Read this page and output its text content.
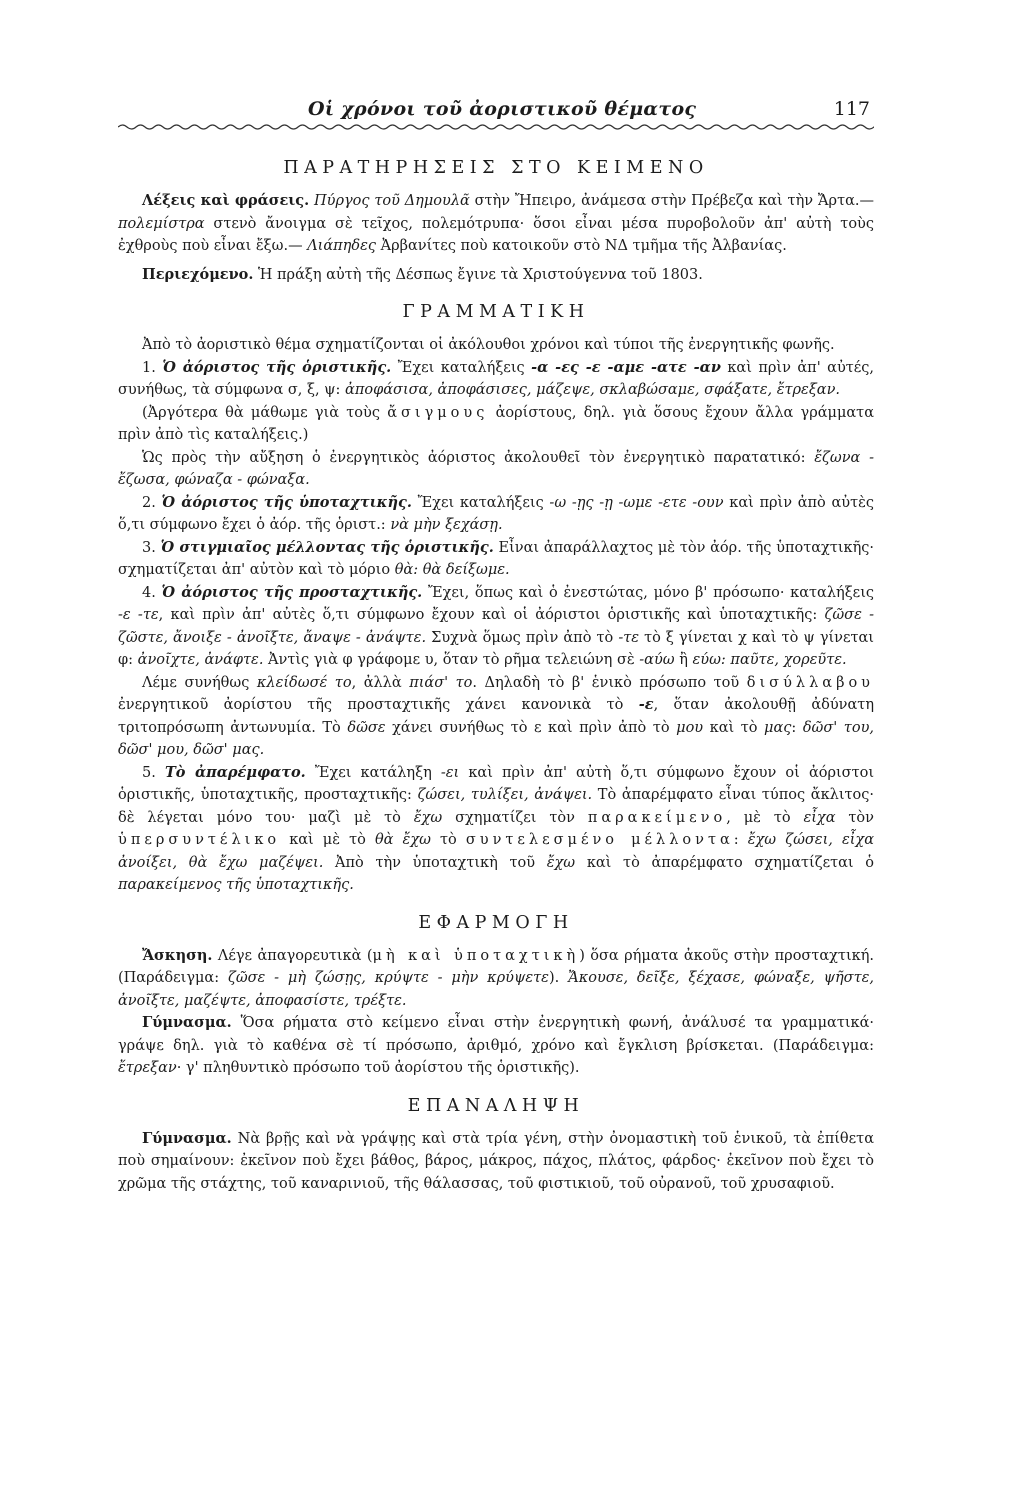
Οἱ χρόνοι τοῦ ἀοριστικοῦ θέματος	117
ΠΑΡΑΤΗΡΗΣΕΙΣ ΣΤΟ ΚΕΙΜΕΝΟ

Λέξεις καὶ φράσεις. Πύργος τοῦ Δημουλᾶ στὴν Ἤπειρο, ἀνάμεσα στὴν Πρέβεζα καὶ τὴν Ἄρτα.—πολεμίστρα στενὸ ἄνοιγμα σὲ τεῖχος, πολεμότρυπα· ὅσοι εἶναι μέσα πυροβολοῦν ἀπ' αὐτὴ τοὺς ἐχθροὺς ποὺ εἶναι ἔξω.— Λιάπηδες Ἀρβανίτες ποὺ κατοικοῦν στὸ ΝΔ τμῆμα τῆς Ἀλβανίας.

Περιεχόμενο. Ἡ πράξη αὐτὴ τῆς Δέσπως ἔγινε τὰ Χριστούγεννα τοῦ 1803.

ΓΡΑΜΜΑΤΙΚΗ

Ἀπὸ τὸ ἀοριστικὸ θέμα σχηματίζονται οἱ ἀκόλουθοι χρόνοι καὶ τύποι τῆς ἐνεργητικῆς φωνῆς.

1. Ὁ ἀόριστος τῆς ὁριστικῆς. Ἔχει καταλήξεις -α -ες -ε -αμε -ατε -αν καὶ πρὶν ἀπ' αὐτές, συνήθως, τὰ σύμφωνα σ, ξ, ψ: ἀποφάσισα, ἀποφάσισες, μάζεψε, σκλαβώσαμε, σφάξατε, ἔτρεξαν.

(Ἀργότερα θὰ μάθωμε γιὰ τοὺς ἄσιγμους ἀορίστους, δηλ. γιὰ ὅσους ἔχουν ἄλλα γράμματα πρὶν ἀπὸ τὶς καταλήξεις.)

Ὡς πρὸς τὴν αὔξηση ὁ ἐνεργητικὸς ἀόριστος ἀκολουθεῖ τὸν ἐνεργητικὸ παρατατικό: ἔζωνα - ἔζωσα, φώναζα - φώναξα.

2. Ὁ ἀόριστος τῆς ὑποταχτικῆς. Ἔχει καταλήξεις -ω -ῃς -ῃ -ωμε -ετε -ουν καὶ πρὶν ἀπὸ αὐτὲς ὅ,τι σύμφωνο ἔχει ὁ ἀόρ. τῆς ὁριστ.: νὰ μὴν ξεχάσῃ.

3. Ὁ στιγμιαῖος μέλλοντας τῆς ὁριστικῆς. Εἶναι ἀπαράλλαχτος μὲ τὸν ἀόρ. τῆς ὑποταχτικῆς· σχηματίζεται ἀπ' αὐτὸν καὶ τὸ μόριο θὰ: θὰ δείξωμε.

4. Ὁ ἀόριστος τῆς προσταχτικῆς. Ἔχει, ὅπως καὶ ὁ ἐνεστώτας, μόνο β' πρόσωπο· καταλήξεις -ε -τε, καὶ πρὶν ἀπ' αὐτὲς ὅ,τι σύμφωνο ἔχουν καὶ οἱ ἀόριστοι ὁριστικῆς καὶ ὑποταχτικῆς: ζῶσε - ζῶστε, ἄνοιξε - ἀνοῖξτε, ἄναψε - ἀνάψτε. Συχνὰ ὅμως πρὶν ἀπὸ τὸ -τε τὸ ξ γίνεται χ καὶ τὸ ψ γίνεται φ: ἀνοῖχτε, ἀνάφτε. Ἀντὶς γιὰ φ γράφομε υ, ὅταν τὸ ρῆμα τελειώνη σὲ -αύω ἢ εύω: παῦτε, χορεῦτε.

Λέμε συνήθως κλείδωσέ το, ἀλλὰ πιάσ' το. Δηλαδὴ τὸ β' ἑνικὸ πρόσωπο τοῦ δισύλλαβου ἐνεργητικοῦ ἀορίστου τῆς προσταχτικῆς χάνει κανονικὰ τὸ -ε, ὅταν ἀκολουθῇ ἀδύνατη τριτοπρόσωπη ἀντωνυμία. Τὸ δῶσε χάνει συνήθως τὸ ε καὶ πρὶν ἀπὸ τὸ μου καὶ τὸ μας: δῶσ' του, δῶσ' μου, δῶσ' μας.

5. Τὸ ἀπαρέμφατο. Ἔχει κατάληξη -ει καὶ πρὶν ἀπ' αὐτὴ ὅ,τι σύμφωνο ἔχουν οἱ ἀόριστοι ὁριστικῆς, ὑποταχτικῆς, προσταχτικῆς: ζώσει, τυλίξει, ἀνάψει. Τὸ ἀπαρέμφατο εἶναι τύπος ἄκλιτος· δὲ λέγεται μόνο του· μαζὶ μὲ τὸ ἔχω σχηματίζει τὸν παρακείμενο, μὲ τὸ εἶχα τὸν ὑπερσυντέλικο καὶ μὲ τὸ θὰ ἔχω τὸ συντελεσμένο μέλλοντα: ἔχω ζώσει, εἶχα ἀνοίξει, θὰ ἔχω μαζέψει. Ἀπὸ τὴν ὑποταχτικὴ τοῦ ἔχω καὶ τὸ ἀπαρέμφατο σχηματίζεται ὁ παρακείμενος τῆς ὑποταχτικῆς.

ΕΦΑΡΜΟΓΗ

Ἄσκηση. Λέγε ἀπαγορευτικὰ (μὴ καὶ ὑποταχτικὴ) ὅσα ρήματα ἀκοῦς στὴν προσταχτική. (Παράδειγμα: ζῶσε - μὴ ζώσῃς, κρύψτε - μὴν κρύψετε). Ἄκουσε, δεῖξε, ξέχασε, φώναξε, ψῆστε, ἀνοῖξτε, μαζέψτε, ἀποφασίστε, τρέξτε.

Γύμνασμα. Ὅσα ρήματα στὸ κείμενο εἶναι στὴν ἐνεργητικὴ φωνή, ἀνάλυσέ τα γραμματικά· γράψε δηλ. γιὰ τὸ καθένα σὲ τί πρόσωπο, ἀριθμό, χρόνο καὶ ἔγκλιση βρίσκεται. (Παράδειγμα: ἔτρεξαν· γ' πληθυντικὸ πρόσωπο τοῦ ἀορίστου τῆς ὁριστικῆς).

ΕΠΑΝΑΛΗΨΗ

Γύμνασμα. Νὰ βρῇς καὶ νὰ γράψῃς καὶ στὰ τρία γένη, στὴν ὀνομαστικὴ τοῦ ἑνικοῦ, τὰ ἐπίθετα ποὺ σημαίνουν: ἐκεῖνον ποὺ ἔχει βάθος, βάρος, μάκρος, πάχος, πλάτος, φάρδος· ἐκεῖνον ποὺ ἔχει τὸ χρῶμα τῆς στάχτης, τοῦ καναρινιοῦ, τῆς θάλασσας, τοῦ φιστικιοῦ, τοῦ οὐρανοῦ, τοῦ χρυσαφιοῦ.
